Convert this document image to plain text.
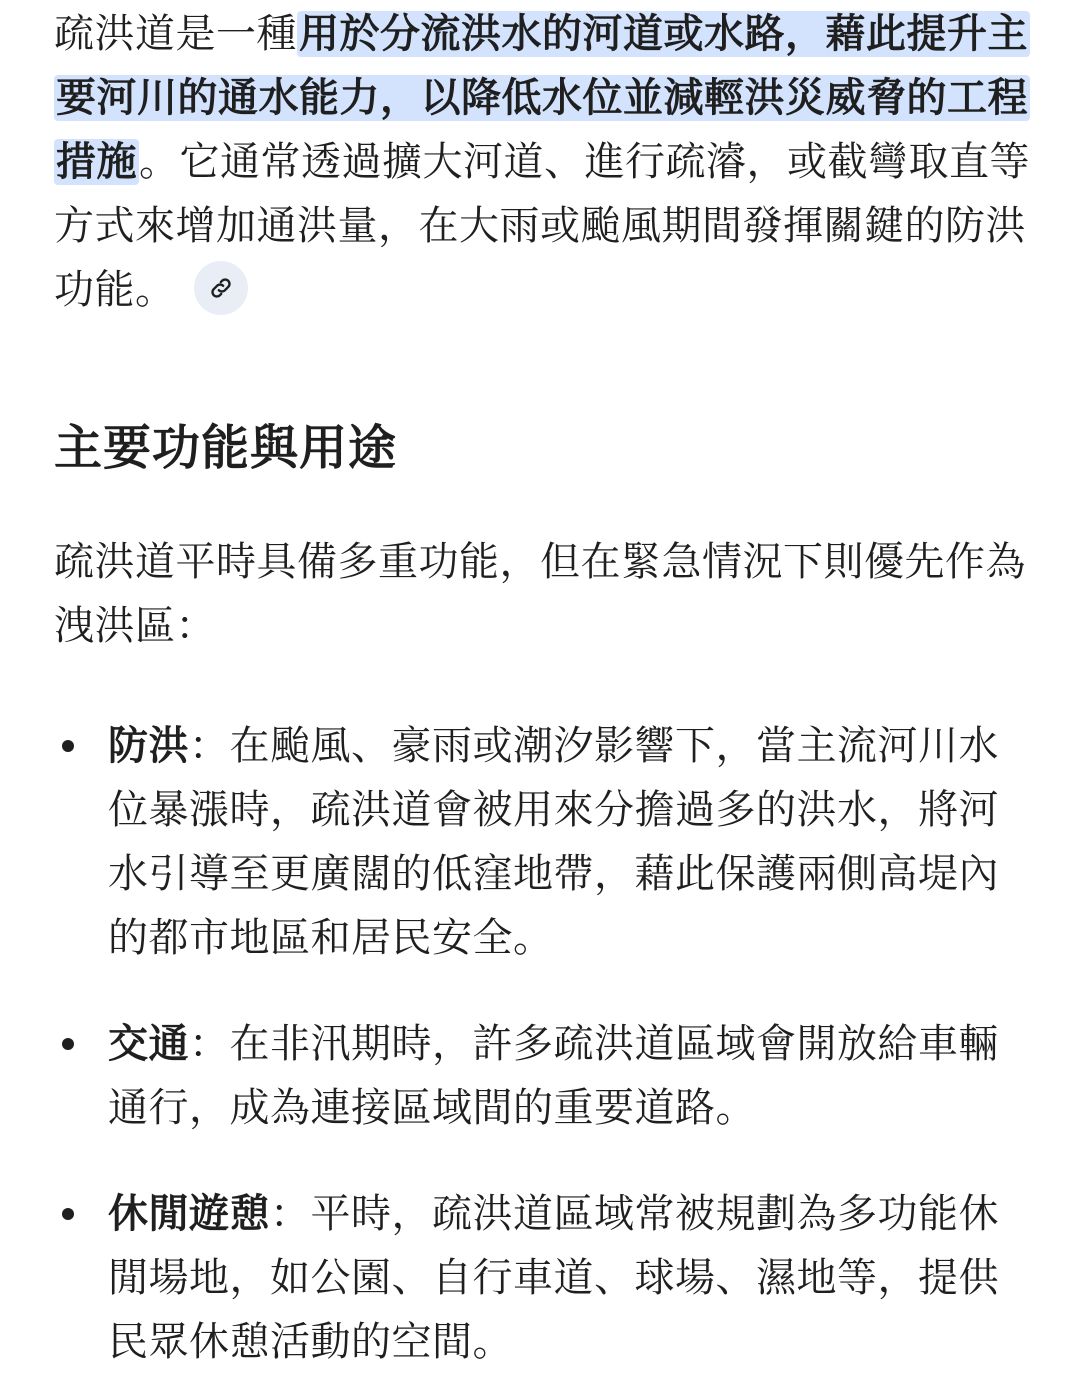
疏洪道是一種用於分流洪水的河道或水路，藉此提升主要河川的通水能力，以降低水位並減輕洪災威脅的工程措施。它通常透過擴大河道、進行疏濬，或截彎取直等方式來增加通洪量，在大雨或颱風期間發揮關鍵的防洪功能。

主要功能與用途

疏洪道平時具備多重功能，但在緊急情況下則優先作為洩洪區：

防洪：在颱風、豪雨或潮汐影響下，當主流河川水位暴漲時，疏洪道會被用來分擔過多的洪水，將河水引導至更廣闊的低窪地帶，藉此保護兩側高堤內的都市地區和居民安全。
交通：在非汛期時，許多疏洪道區域會開放給車輛通行，成為連接區域間的重要道路。
休閒遊憩：平時，疏洪道區域常被規劃為多功能休閒場地，如公園、自行車道、球場、濕地等，提供民眾休憩活動的空間。
